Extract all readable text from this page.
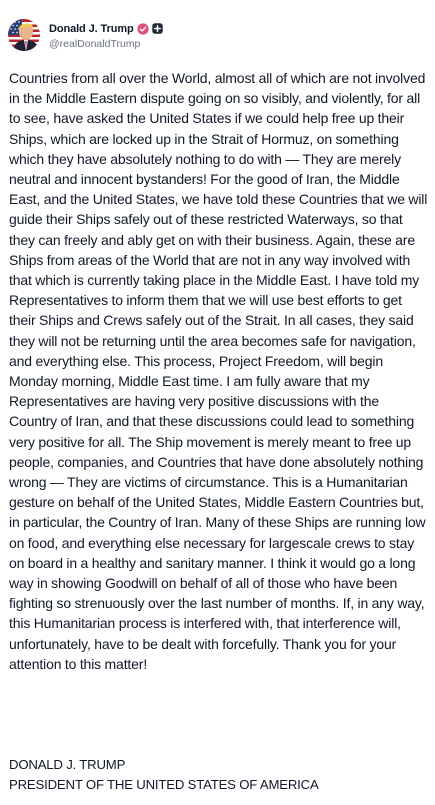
Donald J. Trump
@realDonaldTrump

Countries from all over the World, almost all of which are not involved in the Middle Eastern dispute going on so visibly, and violently, for all to see, have asked the United States if we could help free up their Ships, which are locked up in the Strait of Hormuz, on something which they have absolutely nothing to do with — They are merely neutral and innocent bystanders! For the good of Iran, the Middle East, and the United States, we have told these Countries that we will guide their Ships safely out of these restricted Waterways, so that they can freely and ably get on with their business. Again, these are Ships from areas of the World that are not in any way involved with that which is currently taking place in the Middle East. I have told my Representatives to inform them that we will use best efforts to get their Ships and Crews safely out of the Strait. In all cases, they said they will not be returning until the area becomes safe for navigation, and everything else. This process, Project Freedom, will begin Monday morning, Middle East time. I am fully aware that my Representatives are having very positive discussions with the Country of Iran, and that these discussions could lead to something very positive for all. The Ship movement is merely meant to free up people, companies, and Countries that have done absolutely nothing wrong — They are victims of circumstance. This is a Humanitarian gesture on behalf of the United States, Middle Eastern Countries but, in particular, the Country of Iran. Many of these Ships are running low on food, and everything else necessary for largescale crews to stay on board in a healthy and sanitary manner. I think it would go a long way in showing Goodwill on behalf of all of those who have been fighting so strenuously over the last number of months. If, in any way, this Humanitarian process is interfered with, that interference will, unfortunately, have to be dealt with forcefully. Thank you for your attention to this matter!

DONALD J. TRUMP
PRESIDENT OF THE UNITED STATES OF AMERICA
